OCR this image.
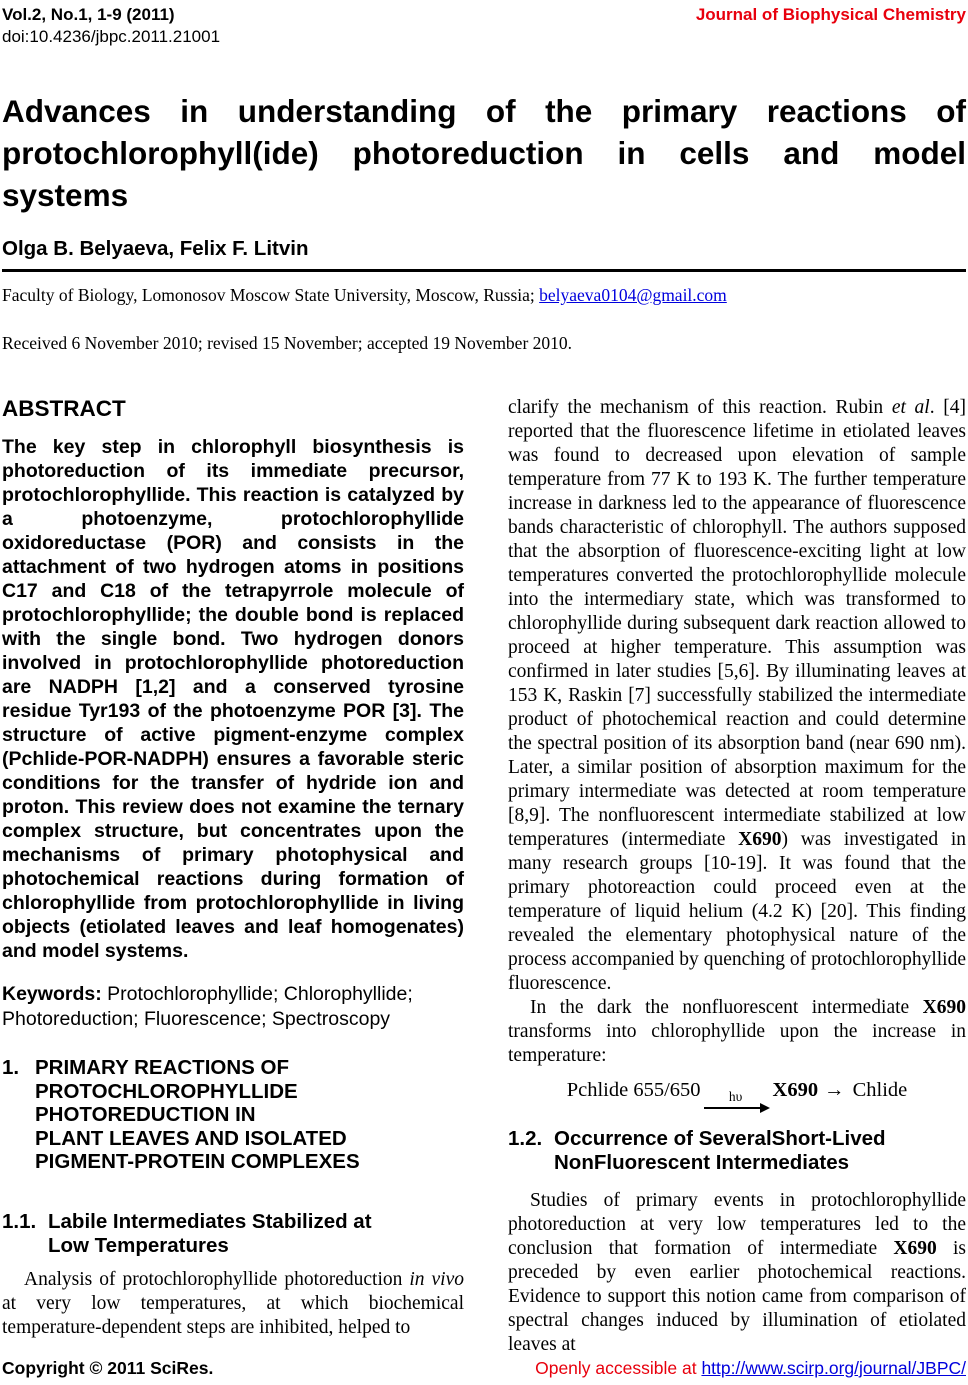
Vol.2, No.1, 1-9 (2011)
doi:10.4236/jbpc.2011.21001
Journal of Biophysical Chemistry
Advances in understanding of the primary reactions of protochlorophyll(ide) photoreduction in cells and model systems
Olga B. Belyaeva, Felix F. Litvin
Faculty of Biology, Lomonosov Moscow State University, Moscow, Russia; belyaeva0104@gmail.com
Received 6 November 2010; revised 15 November; accepted 19 November 2010.
ABSTRACT

The key step in chlorophyll biosynthesis is photoreduction of its immediate precursor, protochlorophyllide. This reaction is catalyzed by a photoenzyme, protochlorophyllide oxidoreductase (POR) and consists in the attachment of two hydrogen atoms in positions C17 and C18 of the tetrapyrrole molecule of protochlorophyllide; the double bond is replaced with the single bond. Two hydrogen donors involved in protochlorophyllide photoreduction are NADPH [1,2] and a conserved tyrosine residue Tyr193 of the photoenzyme POR [3]. The structure of active pigment-enzyme complex (Pchlide-POR-NADPH) ensures a favorable steric conditions for the transfer of hydride ion and proton. This review does not examine the ternary complex structure, but concentrates upon the mechanisms of primary photophysical and photochemical reactions during formation of chlorophyllide from protochlorophyllide in living objects (etiolated leaves and leaf homogenates) and model systems.

Keywords: Protochlorophyllide; Chlorophyllide; Photoreduction; Fluorescence; Spectroscopy
1. PRIMARY REACTIONS OF
PROTOCHLOROPHYLLIDE
PHOTOREDUCTION IN
PLANT LEAVES AND ISOLATED
PIGMENT-PROTEIN COMPLEXES
1.1. Labile Intermediates Stabilized at
Low Temperatures

Analysis of protochlorophyllide photoreduction in vivo at very low temperatures, at which biochemical temperature-dependent steps are inhibited, helped to

clarify the mechanism of this reaction. Rubin et al. [4] reported that the fluorescence lifetime in etiolated leaves was found to decreased upon elevation of sample temperature from 77 K to 193 K. The further temperature increase in darkness led to the appearance of fluorescence bands characteristic of chlorophyll. The authors supposed that the absorption of fluorescence-exciting light at low temperatures converted the protochlorophyllide molecule into the intermediary state, which was transformed to chlorophyllide during subsequent dark reaction allowed to proceed at higher temperature. This assumption was confirmed in later studies [5,6]. By illuminating leaves at 153 K, Raskin [7] successfully stabilized the intermediate product of photochemical reaction and could determine the spectral position of its absorption band (near 690 nm). Later, a similar position of absorption maximum for the primary intermediate was detected at room temperature [8,9]. The nonfluorescent intermediate stabilized at low temperatures (intermediate X690) was investigated in many research groups [10-19]. It was found that the primary photoreaction could proceed even at the temperature of liquid helium (4.2 K) [20]. This finding revealed the elementary photophysical nature of the process accompanied by quenching of protochlorophyllide fluorescence.

In the dark the nonfluorescent intermediate X690 transforms into chlorophyllide upon the increase in temperature:

Pchlide 655/650 hυ X690 → Chlide
1.2. Occurrence of SeveralShort-Lived
NonFluorescent Intermediates

Studies of primary events in protochlorophyllide photoreduction at very low temperatures led to the conclusion that formation of intermediate X690 is preceded by even earlier photochemical reactions. Evidence to support this notion came from comparison of spectral changes induced by illumination of etiolated leaves at

Copyright © 2011 SciRes.	Openly accessible at http://www.scirp.org/journal/JBPC/
